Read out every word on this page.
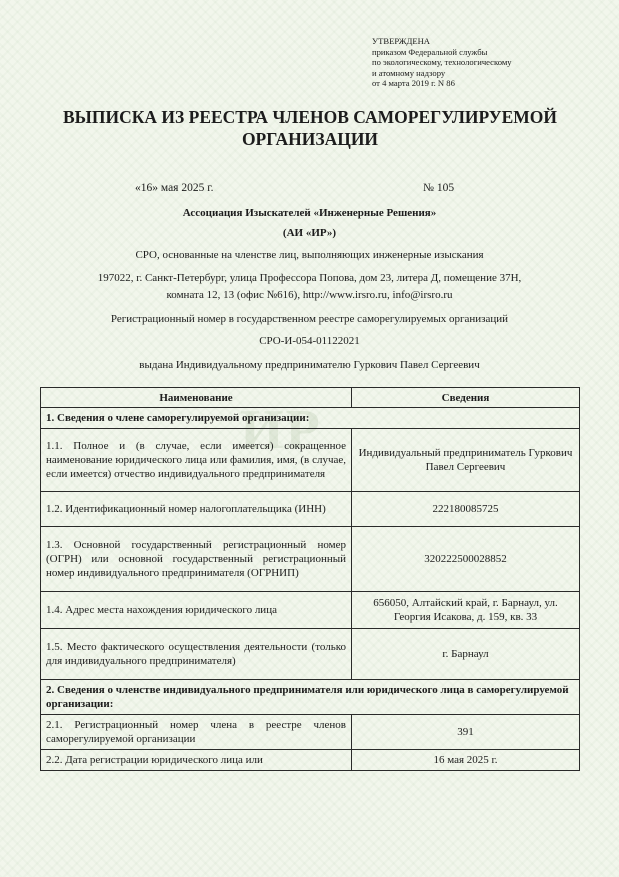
УТВЕРЖДЕНА
приказом Федеральной службы
по экологическому, технологическому
и атомному надзору
от 4 марта 2019 г. N 86
ВЫПИСКА ИЗ РЕЕСТРА ЧЛЕНОВ САМОРЕГУЛИРУЕМОЙ
ОРГАНИЗАЦИИ
«16» мая 2025 г.	№ 105
Ассоциация Изыскателей «Инженерные Решения»
(АИ «ИР»)
СРО, основанные на членстве лиц, выполняющих инженерные изыскания
197022, г. Санкт-Петербург, улица Профессора Попова, дом 23, литера Д, помещение 37Н,
комната 12, 13 (офис №616), http://www.irsro.ru, info@irsro.ru
Регистрационный номер в государственном реестре саморегулируемых организаций
СРО-И-054-01122021
выдана Индивидуальному предпринимателю Гуркович Павел Сергеевич
ИР
Наименование	Сведения
1. Сведения о члене саморегулируемой организации:	
1.1. Полное и (в случае, если имеется) сокращенное наименование юридического лица или фамилия, имя, (в случае, если имеется) отчество индивидуального предпринимателя	Индивидуальный предприниматель Гуркович Павел Сергеевич
1.2. Идентификационный номер налогоплательщика (ИНН)	222180085725
1.3. Основной государственный регистрационный номер (ОГРН) или основной государственный регистрационный номер индивидуального предпринимателя (ОГРНИП)	320222500028852
1.4. Адрес места нахождения юридического лица	656050, Алтайский край, г. Барнаул, ул. Георгия Исакова, д. 159, кв. 33
1.5. Место фактического осуществления деятельности (только для индивидуального предпринимателя)	г. Барнаул
2. Сведения о членстве индивидуального предпринимателя или юридического лица в саморегулируемой организации:	
2.1. Регистрационный номер члена в реестре членов саморегулируемой организации	391
2.2. Дата регистрации юридического лица или	16 мая 2025 г.
